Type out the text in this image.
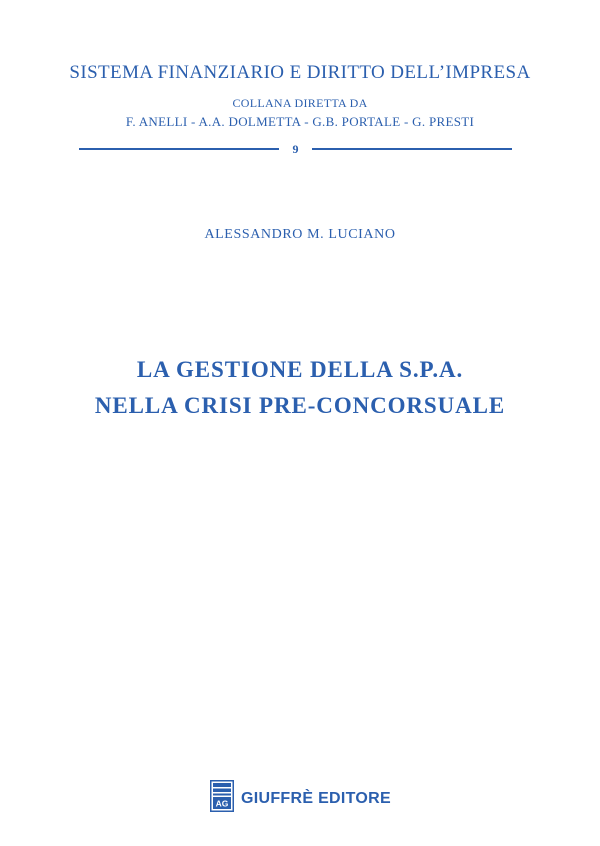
SISTEMA FINANZIARIO E DIRITTO DELL’IMPRESA
COLLANA DIRETTA DA
F. ANELLI - A.A. DOLMETTA - G.B. PORTALE - G. PRESTI
9
ALESSANDRO M. LUCIANO
LA GESTIONE DELLA S.P.A.
NELLA CRISI PRE-CONCORSUALE
AG GIUFFRÈ EDITORE
